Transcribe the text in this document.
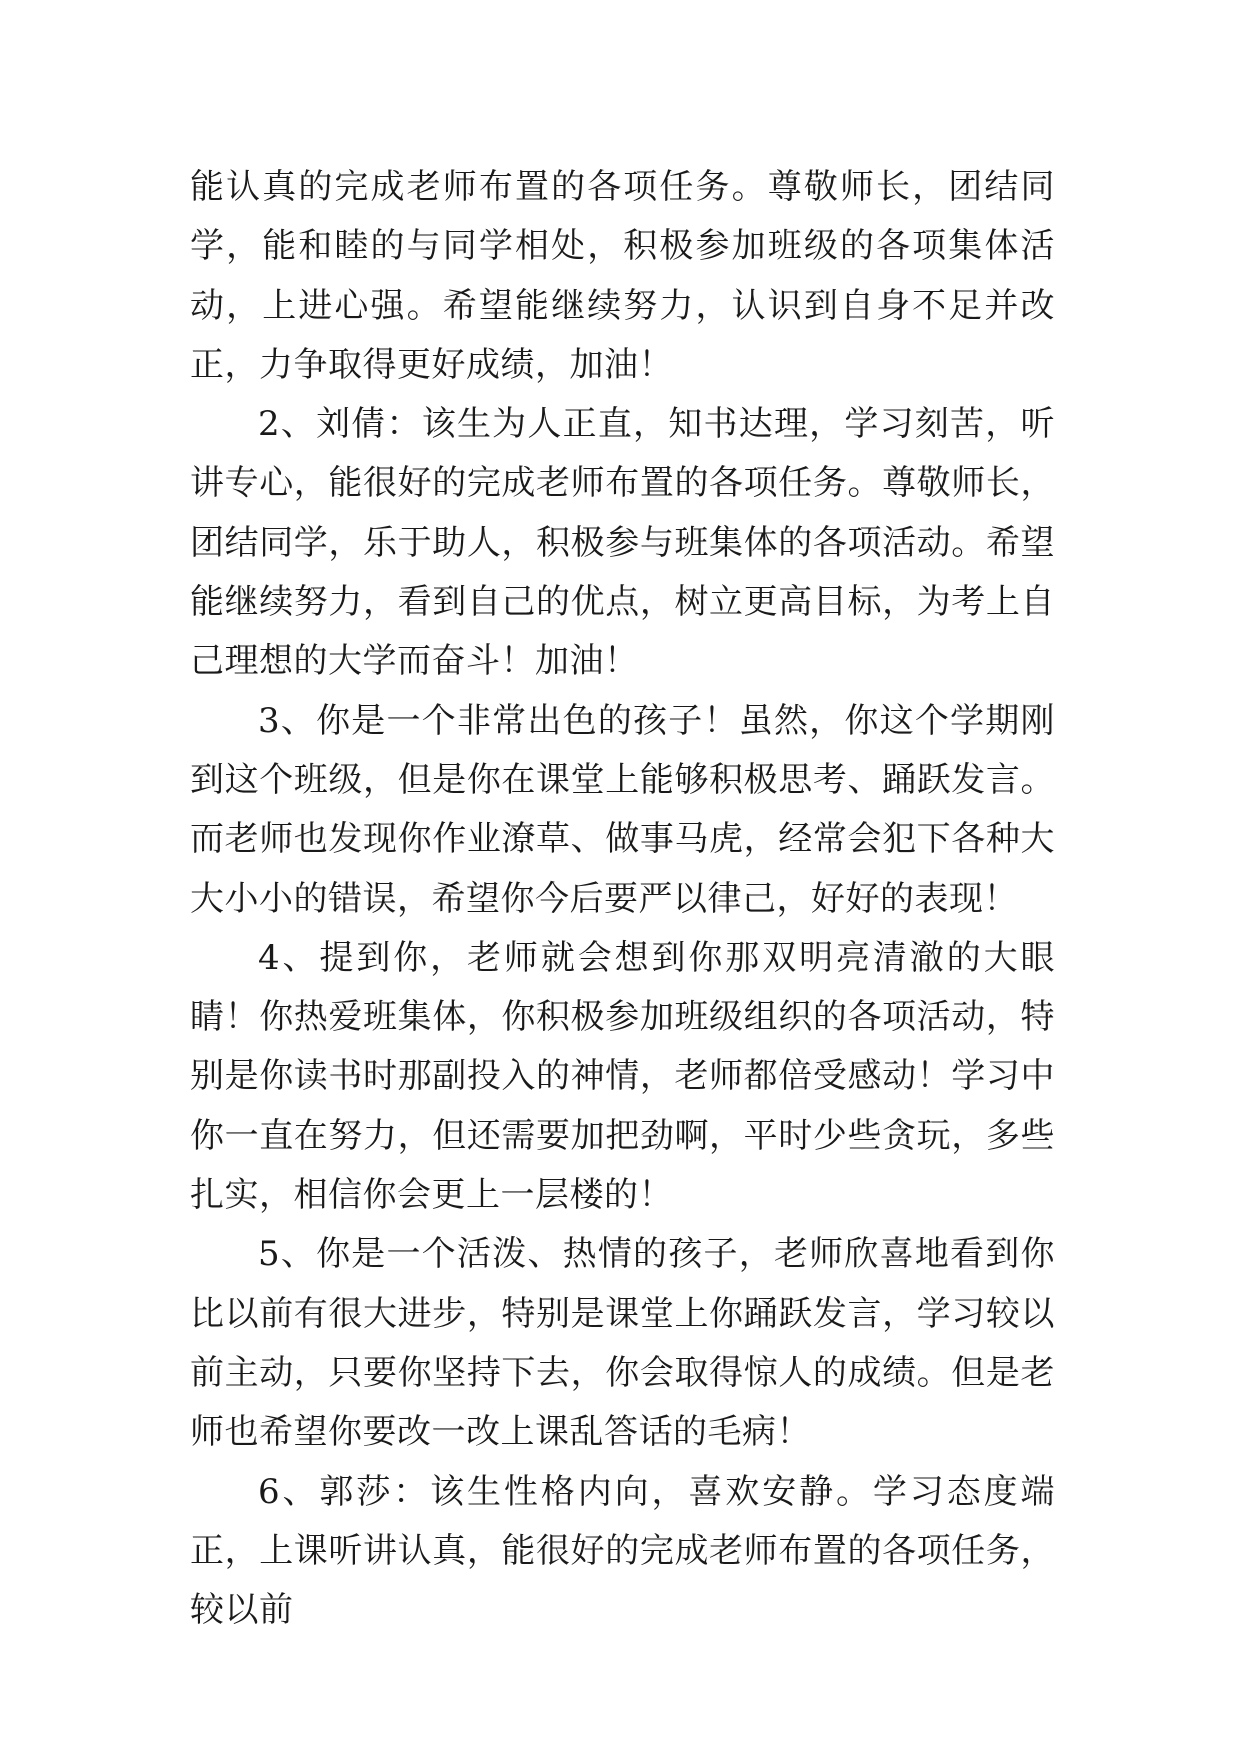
能认真的完成老师布置的各项任务。尊敬师长，团结同学，能和睦的与同学相处，积极参加班级的各项集体活动，上进心强。希望能继续努力，认识到自身不足并改正，力争取得更好成绩，加油！

2、刘倩：该生为人正直，知书达理，学习刻苦，听讲专心，能很好的完成老师布置的各项任务。尊敬师长，团结同学，乐于助人，积极参与班集体的各项活动。希望能继续努力，看到自己的优点，树立更高目标，为考上自己理想的大学而奋斗！加油！

3、你是一个非常出色的孩子！虽然，你这个学期刚到这个班级，但是你在课堂上能够积极思考、踊跃发言。而老师也发现你作业潦草、做事马虎，经常会犯下各种大大小小的错误，希望你今后要严以律己，好好的表现！

4、提到你，老师就会想到你那双明亮清澈的大眼睛！你热爱班集体，你积极参加班级组织的各项活动，特别是你读书时那副投入的神情，老师都倍受感动！学习中你一直在努力，但还需要加把劲啊，平时少些贪玩，多些扎实，相信你会更上一层楼的！

5、你是一个活泼、热情的孩子，老师欣喜地看到你比以前有很大进步，特别是课堂上你踊跃发言，学习较以前主动，只要你坚持下去，你会取得惊人的成绩。但是老师也希望你要改一改上课乱答话的毛病！

6、郭莎：该生性格内向，喜欢安静。学习态度端正，上课听讲认真，能很好的完成老师布置的各项任务，较以前
